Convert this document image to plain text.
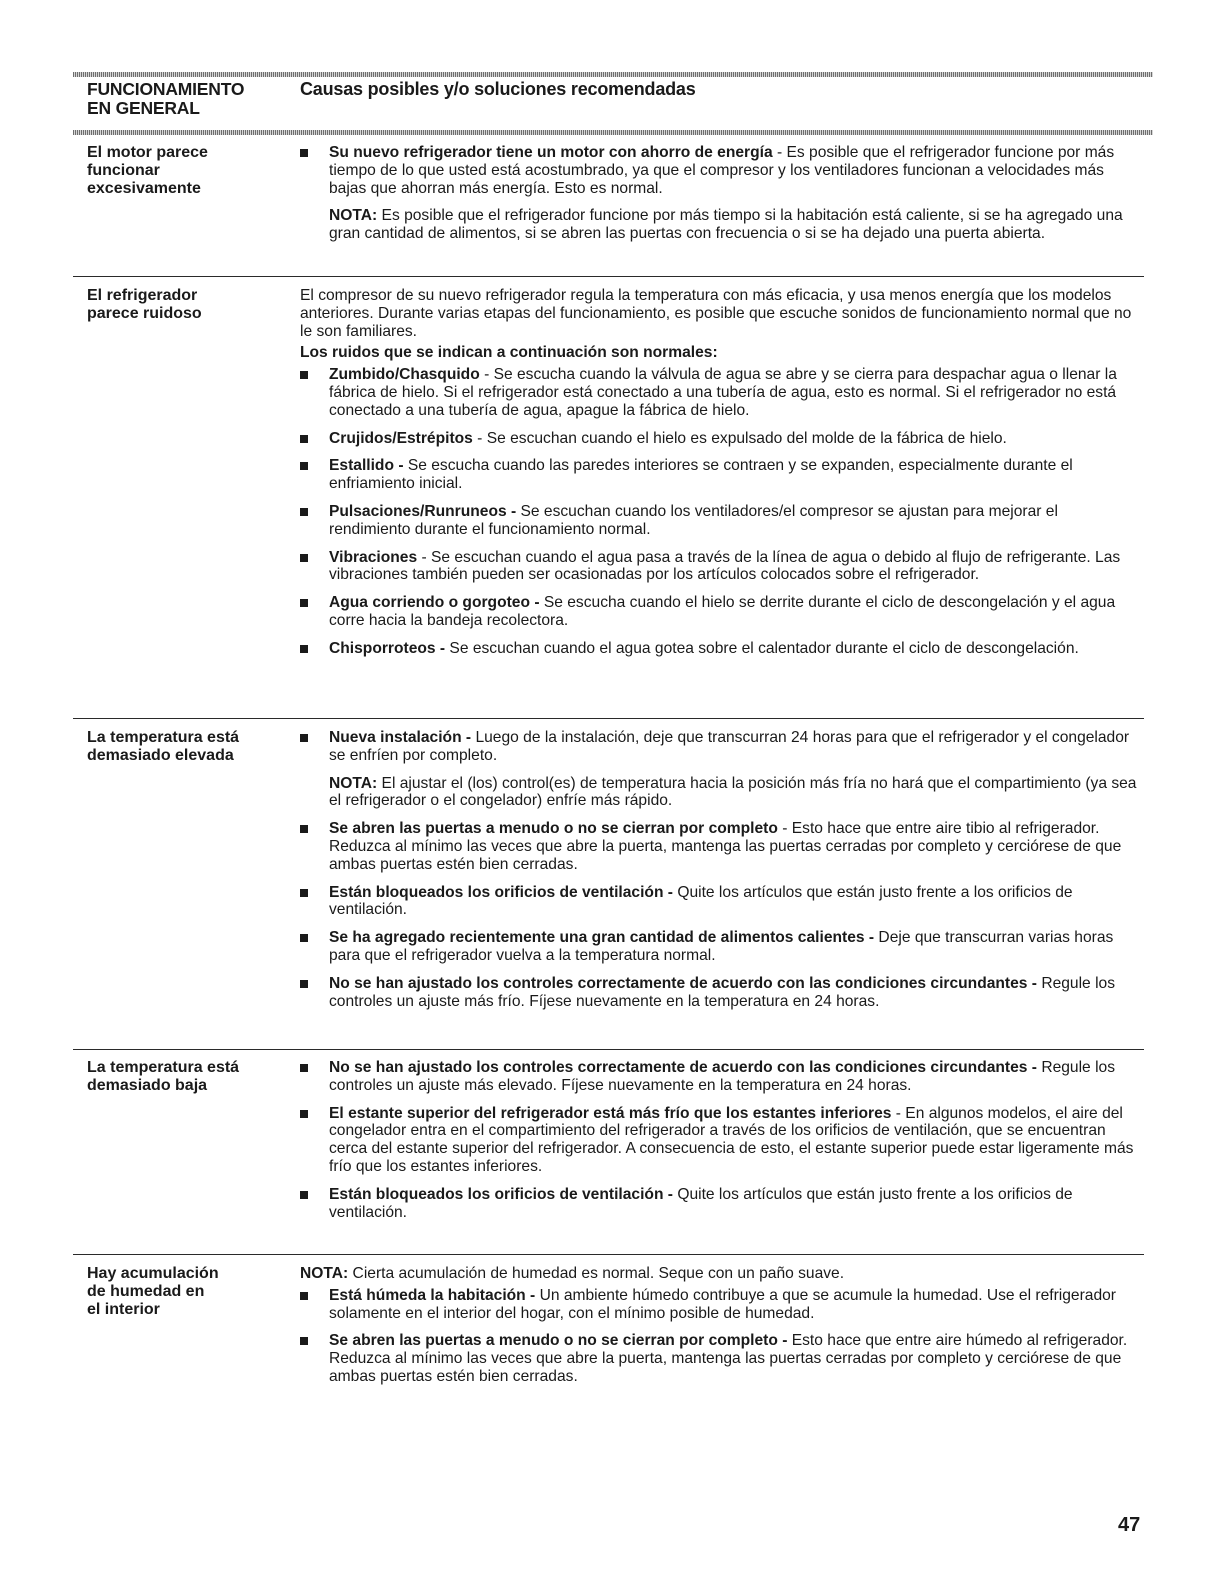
FUNCIONAMIENTO
EN GENERAL
Causas posibles y/o soluciones recomendadas
El motor parece
funcionar
excesivamente
Su nuevo refrigerador tiene un motor con ahorro de energía - Es posible que el refrigerador funcione por más tiempo de lo que usted está acostumbrado, ya que el compresor y los ventiladores funcionan a velocidades más bajas que ahorran más energía. Esto es normal.
NOTA: Es posible que el refrigerador funcione por más tiempo si la habitación está caliente, si se ha agregado una gran cantidad de alimentos, si se abren las puertas con frecuencia o si se ha dejado una puerta abierta.
El refrigerador
parece ruidoso
El compresor de su nuevo refrigerador regula la temperatura con más eficacia, y usa menos energía que los modelos anteriores. Durante varias etapas del funcionamiento, es posible que escuche sonidos de funcionamiento normal que no le son familiares.
Los ruidos que se indican a continuación son normales:
Zumbido/Chasquido - Se escucha cuando la válvula de agua se abre y se cierra para despachar agua o llenar la fábrica de hielo. Si el refrigerador está conectado a una tubería de agua, esto es normal. Si el refrigerador no está conectado a una tubería de agua, apague la fábrica de hielo.
Crujidos/Estrépitos - Se escuchan cuando el hielo es expulsado del molde de la fábrica de hielo.
Estallido - Se escucha cuando las paredes interiores se contraen y se expanden, especialmente durante el enfriamiento inicial.
Pulsaciones/Runruneos - Se escuchan cuando los ventiladores/el compresor se ajustan para mejorar el rendimiento durante el funcionamiento normal.
Vibraciones - Se escuchan cuando el agua pasa a través de la línea de agua o debido al flujo de refrigerante. Las vibraciones también pueden ser ocasionadas por los artículos colocados sobre el refrigerador.
Agua corriendo o gorgoteo - Se escucha cuando el hielo se derrite durante el ciclo de descongelación y el agua corre hacia la bandeja recolectora.
Chisporroteos - Se escuchan cuando el agua gotea sobre el calentador durante el ciclo de descongelación.
La temperatura está
demasiado elevada
Nueva instalación - Luego de la instalación, deje que transcurran 24 horas para que el refrigerador y el congelador se enfríen por completo.
NOTA: El ajustar el (los) control(es) de temperatura hacia la posición más fría no hará que el compartimiento (ya sea el refrigerador o el congelador) enfríe más rápido.
Se abren las puertas a menudo o no se cierran por completo - Esto hace que entre aire tibio al refrigerador. Reduzca al mínimo las veces que abre la puerta, mantenga las puertas cerradas por completo y cerciórese de que ambas puertas estén bien cerradas.
Están bloqueados los orificios de ventilación - Quite los artículos que están justo frente a los orificios de ventilación.
Se ha agregado recientemente una gran cantidad de alimentos calientes - Deje que transcurran varias horas para que el refrigerador vuelva a la temperatura normal.
No se han ajustado los controles correctamente de acuerdo con las condiciones circundantes - Regule los controles un ajuste más frío. Fíjese nuevamente en la temperatura en 24 horas.
La temperatura está
demasiado baja
No se han ajustado los controles correctamente de acuerdo con las condiciones circundantes - Regule los controles un ajuste más elevado. Fíjese nuevamente en la temperatura en 24 horas.
El estante superior del refrigerador está más frío que los estantes inferiores - En algunos modelos, el aire del congelador entra en el compartimiento del refrigerador a través de los orificios de ventilación, que se encuentran cerca del estante superior del refrigerador. A consecuencia de esto, el estante superior puede estar ligeramente más frío que los estantes inferiores.
Están bloqueados los orificios de ventilación - Quite los artículos que están justo frente a los orificios de ventilación.
Hay acumulación
de humedad en
el interior
NOTA: Cierta acumulación de humedad es normal. Seque con un paño suave.
Está húmeda la habitación - Un ambiente húmedo contribuye a que se acumule la humedad. Use el refrigerador solamente en el interior del hogar, con el mínimo posible de humedad.
Se abren las puertas a menudo o no se cierran por completo - Esto hace que entre aire húmedo al refrigerador. Reduzca al mínimo las veces que abre la puerta, mantenga las puertas cerradas por completo y cerciórese de que ambas puertas estén bien cerradas.
47
